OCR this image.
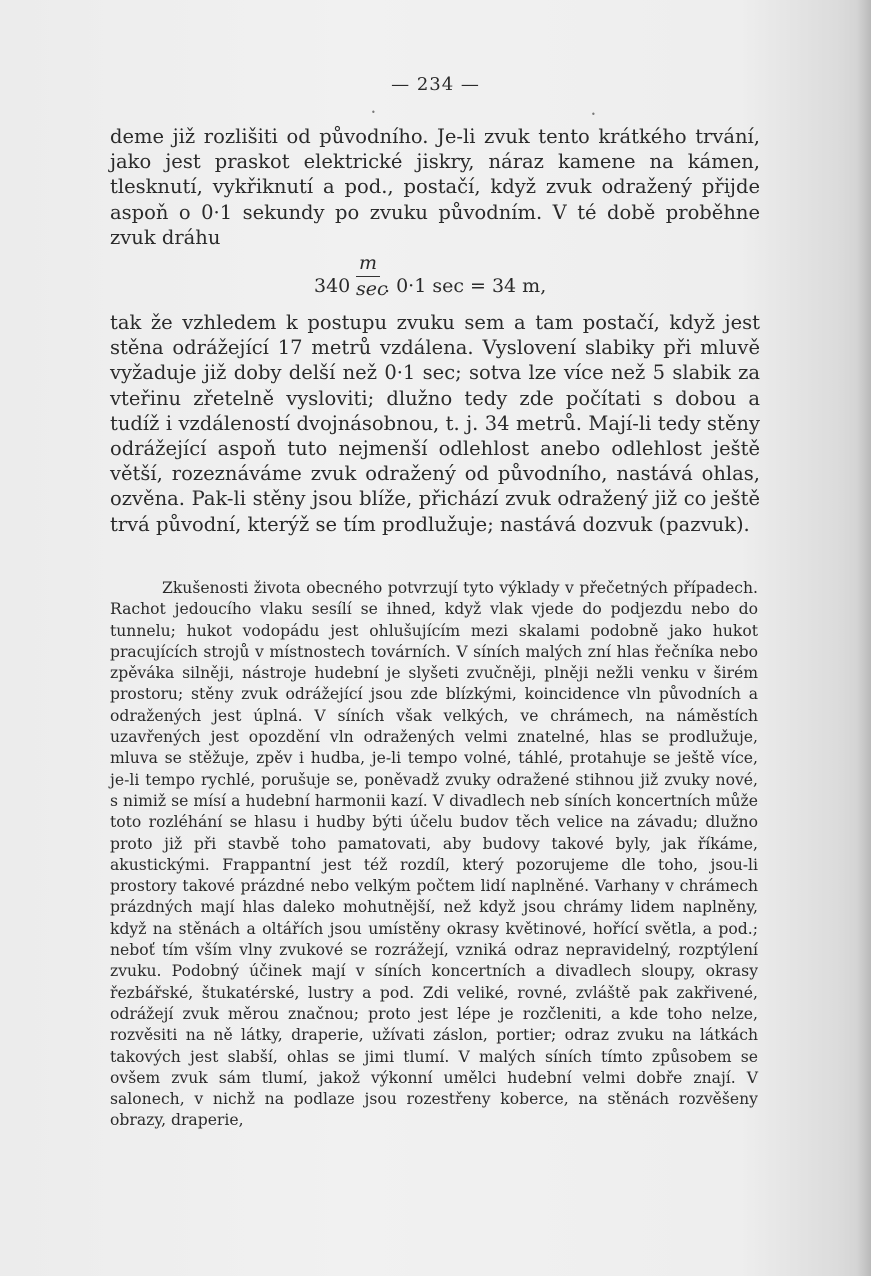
•	•
— 234 —

deme již rozlišiti od původního. Je-li zvuk tento krátkého trvání, jako jest praskot elektrické jiskry, náraz kamene na kámen, tlesknutí, vykřiknutí a pod., postačí, když zvuk odražený přijde aspoň o 0·1 sekundy po zvuku původním. V té době proběhne zvuk dráhu

340
m
sec
. 0·1 sec = 34 m,

tak že vzhledem k postupu zvuku sem a tam postačí, když jest stěna odrážející 17 metrů vzdálena. Vyslovení slabiky při mluvě vyžaduje již doby delší než 0·1 sec; sotva lze více než 5 slabik za vteřinu zřetelně vysloviti; dlužno tedy zde počítati s dobou a tudíž i vzdáleností dvojnásobnou, t. j. 34 metrů. Mají-li tedy stěny odrážející aspoň tuto nejmenší odlehlost anebo odlehlost ještě větší, rozeznáváme zvuk odražený od původního, nastává ohlas, ozvěna. Pak-li stěny jsou blíže, přichází zvuk odražený již co ještě trvá původní, kterýž se tím prodlužuje; nastává dozvuk (pazvuk).

Zkušenosti života obecného potvrzují tyto výklady v přečetných případech. Rachot jedoucího vlaku sesílí se ihned, když vlak vjede do podjezdu nebo do tunnelu; hukot vodopádu jest ohlušujícím mezi skalami podobně jako hukot pracujících strojů v místnostech továrních. V síních malých zní hlas řečníka nebo zpěváka silněji, nástroje hudební je slyšeti zvučněji, plněji nežli venku v širém prostoru; stěny zvuk odrážející jsou zde blízkými, koincidence vln původních a odražených jest úplná. V síních však velkých, ve chrámech, na náměstích uzavřených jest opozdění vln odražených velmi znatelné, hlas se prodlužuje, mluva se stěžuje, zpěv i hudba, je-li tempo volné, táhlé, protahuje se ještě více, je-li tempo rychlé, porušuje se, poněvadž zvuky odražené stihnou již zvuky nové, s nimiž se mísí a hudební harmonii kazí. V divadlech neb síních koncertních může toto rozléhání se hlasu i hudby býti účelu budov těch velice na závadu; dlužno proto již při stavbě toho pamatovati, aby budovy takové byly, jak říkáme, akustickými. Frappantní jest též rozdíl, který pozorujeme dle toho, jsou-li prostory takové prázdné nebo velkým počtem lidí naplněné. Varhany v chrámech prázdných mají hlas daleko mohutnější, než když jsou chrámy lidem naplněny, když na stěnách a oltářích jsou umístěny okrasy květinové, hořící světla, a pod.; neboť tím vším vlny zvukové se rozrážejí, vzniká odraz nepravidelný, rozptýlení zvuku. Podobný účinek mají v síních koncertních a divadlech sloupy, okrasy řezbářské, štukatérské, lustry a pod. Zdi veliké, rovné, zvláště pak zakřivené, odrážejí zvuk měrou značnou; proto jest lépe je rozčleniti, a kde toho nelze, rozvěsiti na ně látky, draperie, užívati záslon, portier; odraz zvuku na látkách takových jest slabší, ohlas se jimi tlumí. V malých síních tímto způsobem se ovšem zvuk sám tlumí, jakož výkonní umělci hudební velmi dobře znají. V salonech, v nichž na podlaze jsou rozestřeny koberce, na stěnách rozvěšeny obrazy, draperie,
